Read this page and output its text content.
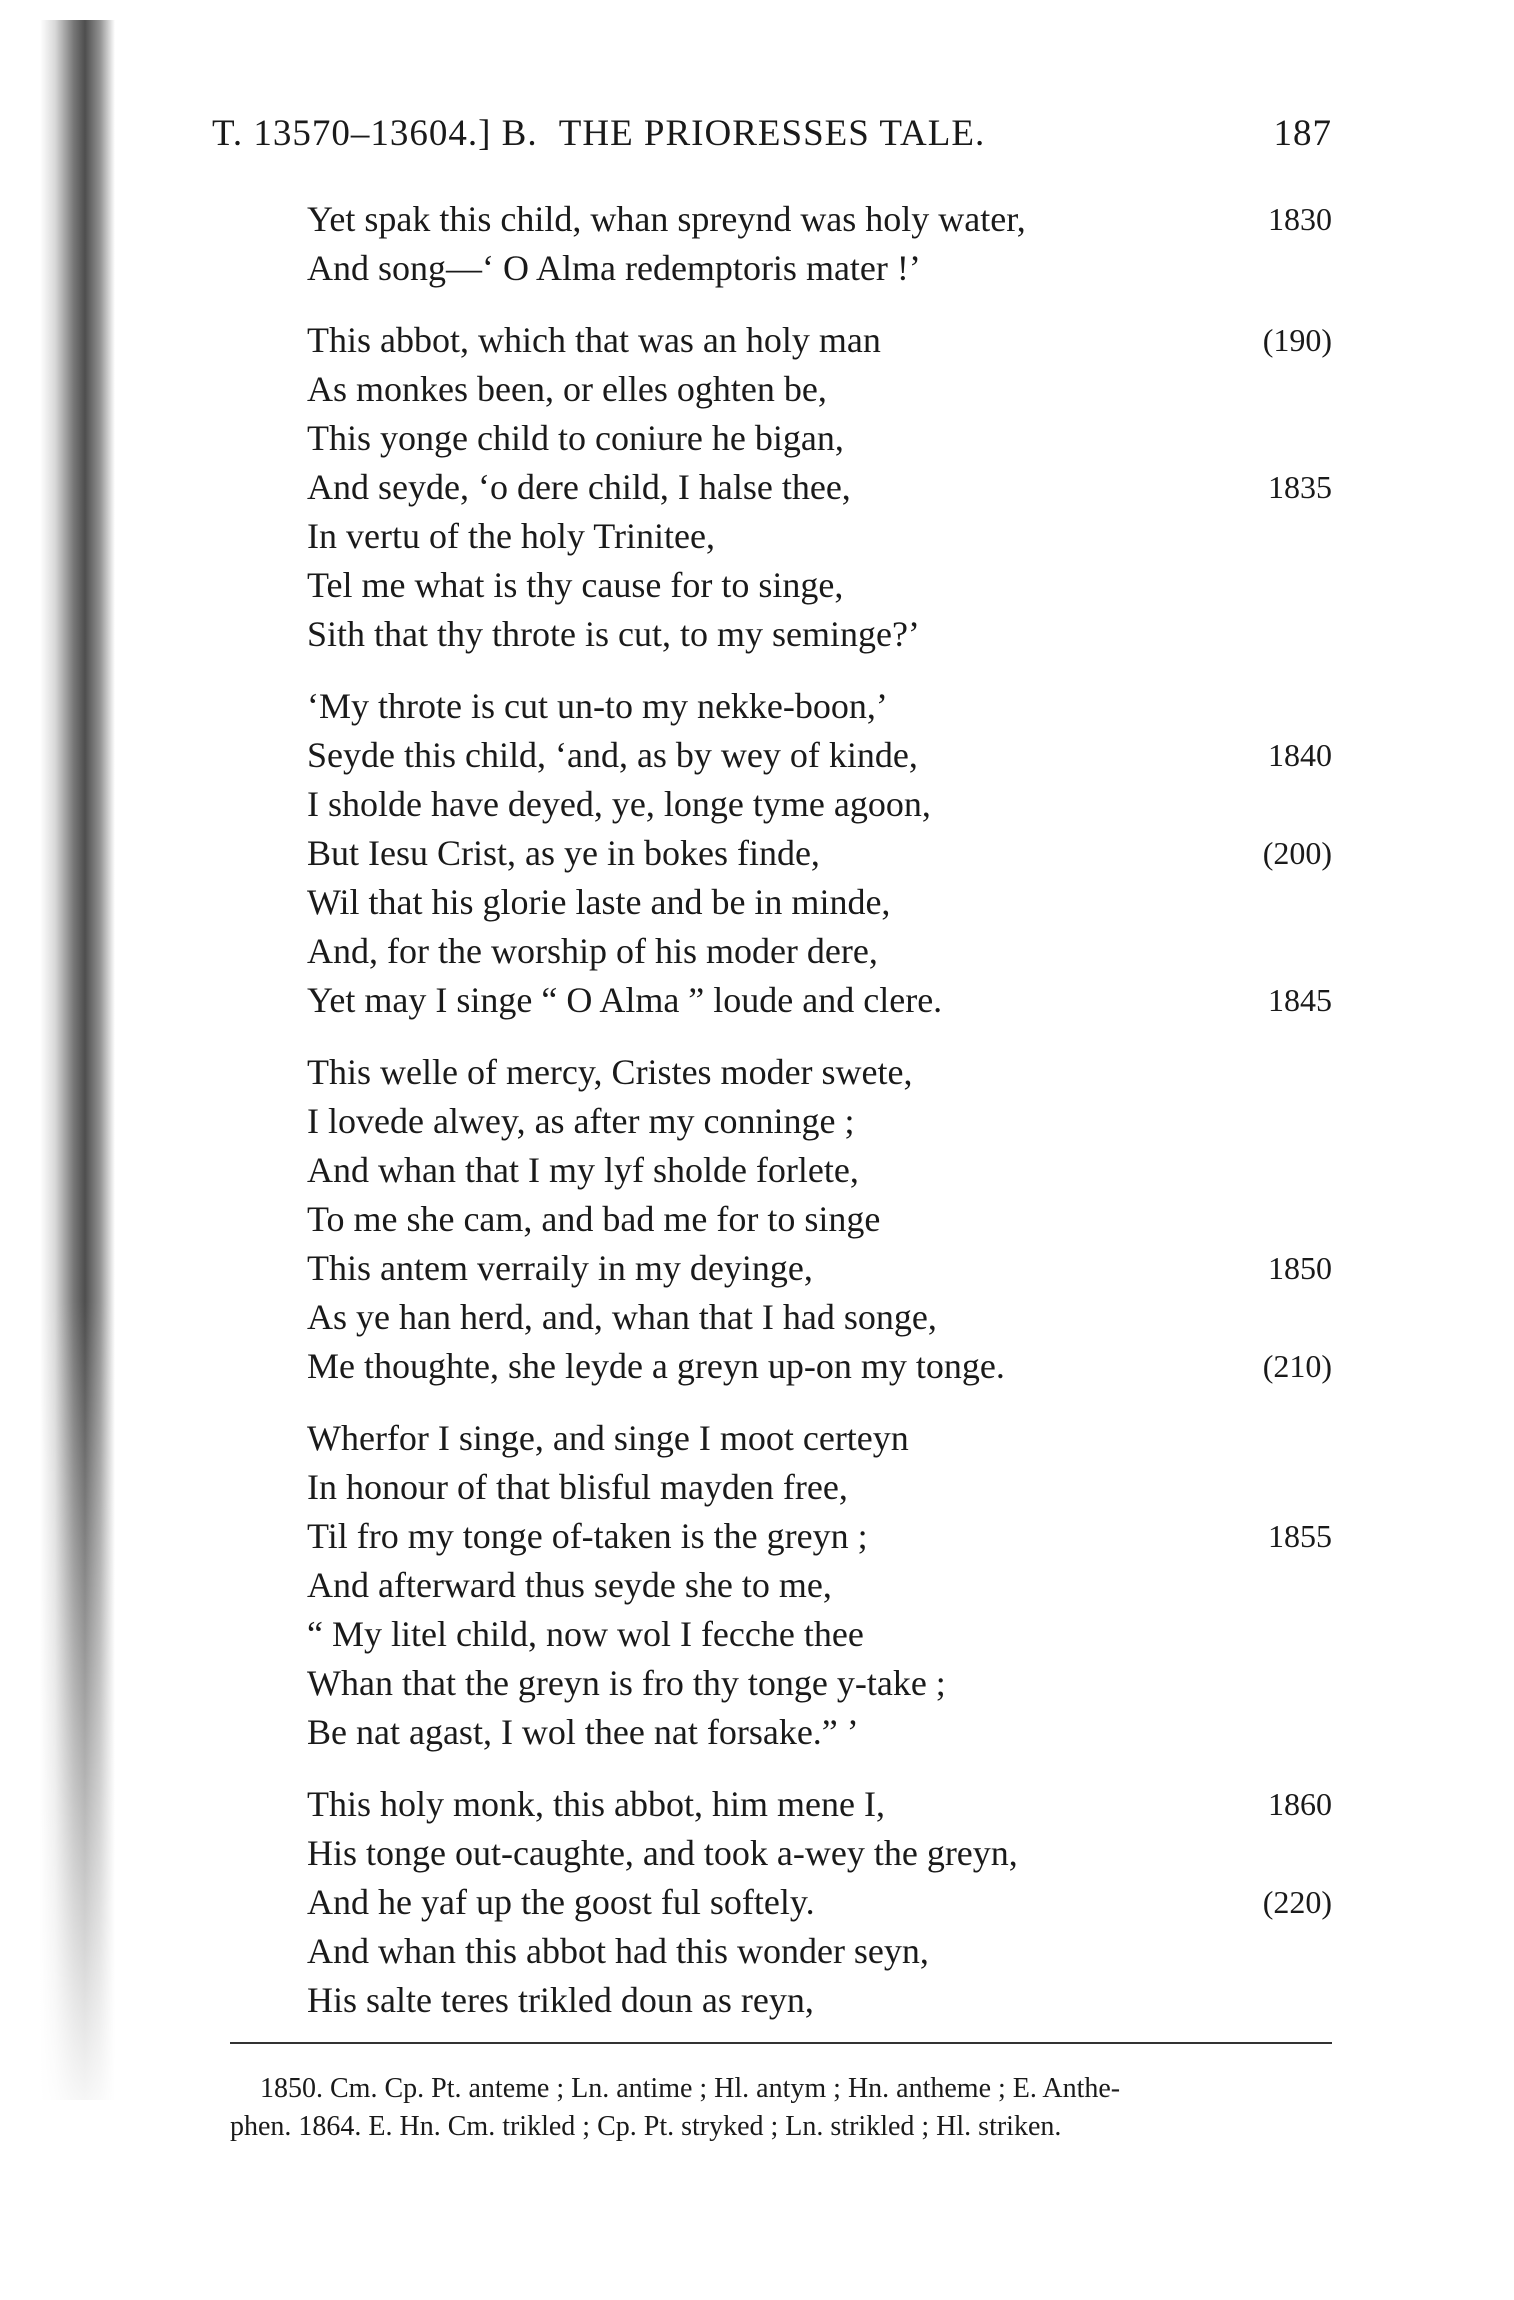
T. 13570–13604.] B. THE PRIORESSES TALE.	187
Yet spak this child, whan spreynd was holy water,	1830
And song—‘ O Alma redemptoris mater !’
This abbot, which that was an holy man	(190)
As monkes been, or elles oghten be,
This yonge child to coniure he bigan,
And seyde, ‘o dere child, I halse thee,	1835
In vertu of the holy Trinitee,
Tel me what is thy cause for to singe,
Sith that thy throte is cut, to my seminge?’
‘My throte is cut un-to my nekke-boon,’
Seyde this child, ‘and, as by wey of kinde,	1840
I sholde have deyed, ye, longe tyme agoon,
But Iesu Crist, as ye in bokes finde,	(200)
Wil that his glorie laste and be in minde,
And, for the worship of his moder dere,
Yet may I singe “ O Alma ” loude and clere.	1845
This welle of mercy, Cristes moder swete,
I lovede alwey, as after my conninge ;
And whan that I my lyf sholde forlete,
To me she cam, and bad me for to singe
This antem verraily in my deyinge,	1850
As ye han herd, and, whan that I had songe,
Me thoughte, she leyde a greyn up-on my tonge.	(210)
Wherfor I singe, and singe I moot certeyn
In honour of that blisful mayden free,
Til fro my tonge of-taken is the greyn ;	1855
And afterward thus seyde she to me,
“ My litel child, now wol I fecche thee
Whan that the greyn is fro thy tonge y-take ;
Be nat agast, I wol thee nat forsake.” ’
This holy monk, this abbot, him mene I,	1860
His tonge out-caughte, and took a-wey the greyn,
And he yaf up the goost ful softely.	(220)
And whan this abbot had this wonder seyn,
His salte teres trikled doun as reyn,
1850. Cm. Cp. Pt. anteme ; Ln. antime ; Hl. antym ; Hn. antheme ; E. Anthe-
phen. 1864. E. Hn. Cm. trikled ; Cp. Pt. stryked ; Ln. strikled ; Hl. striken.
